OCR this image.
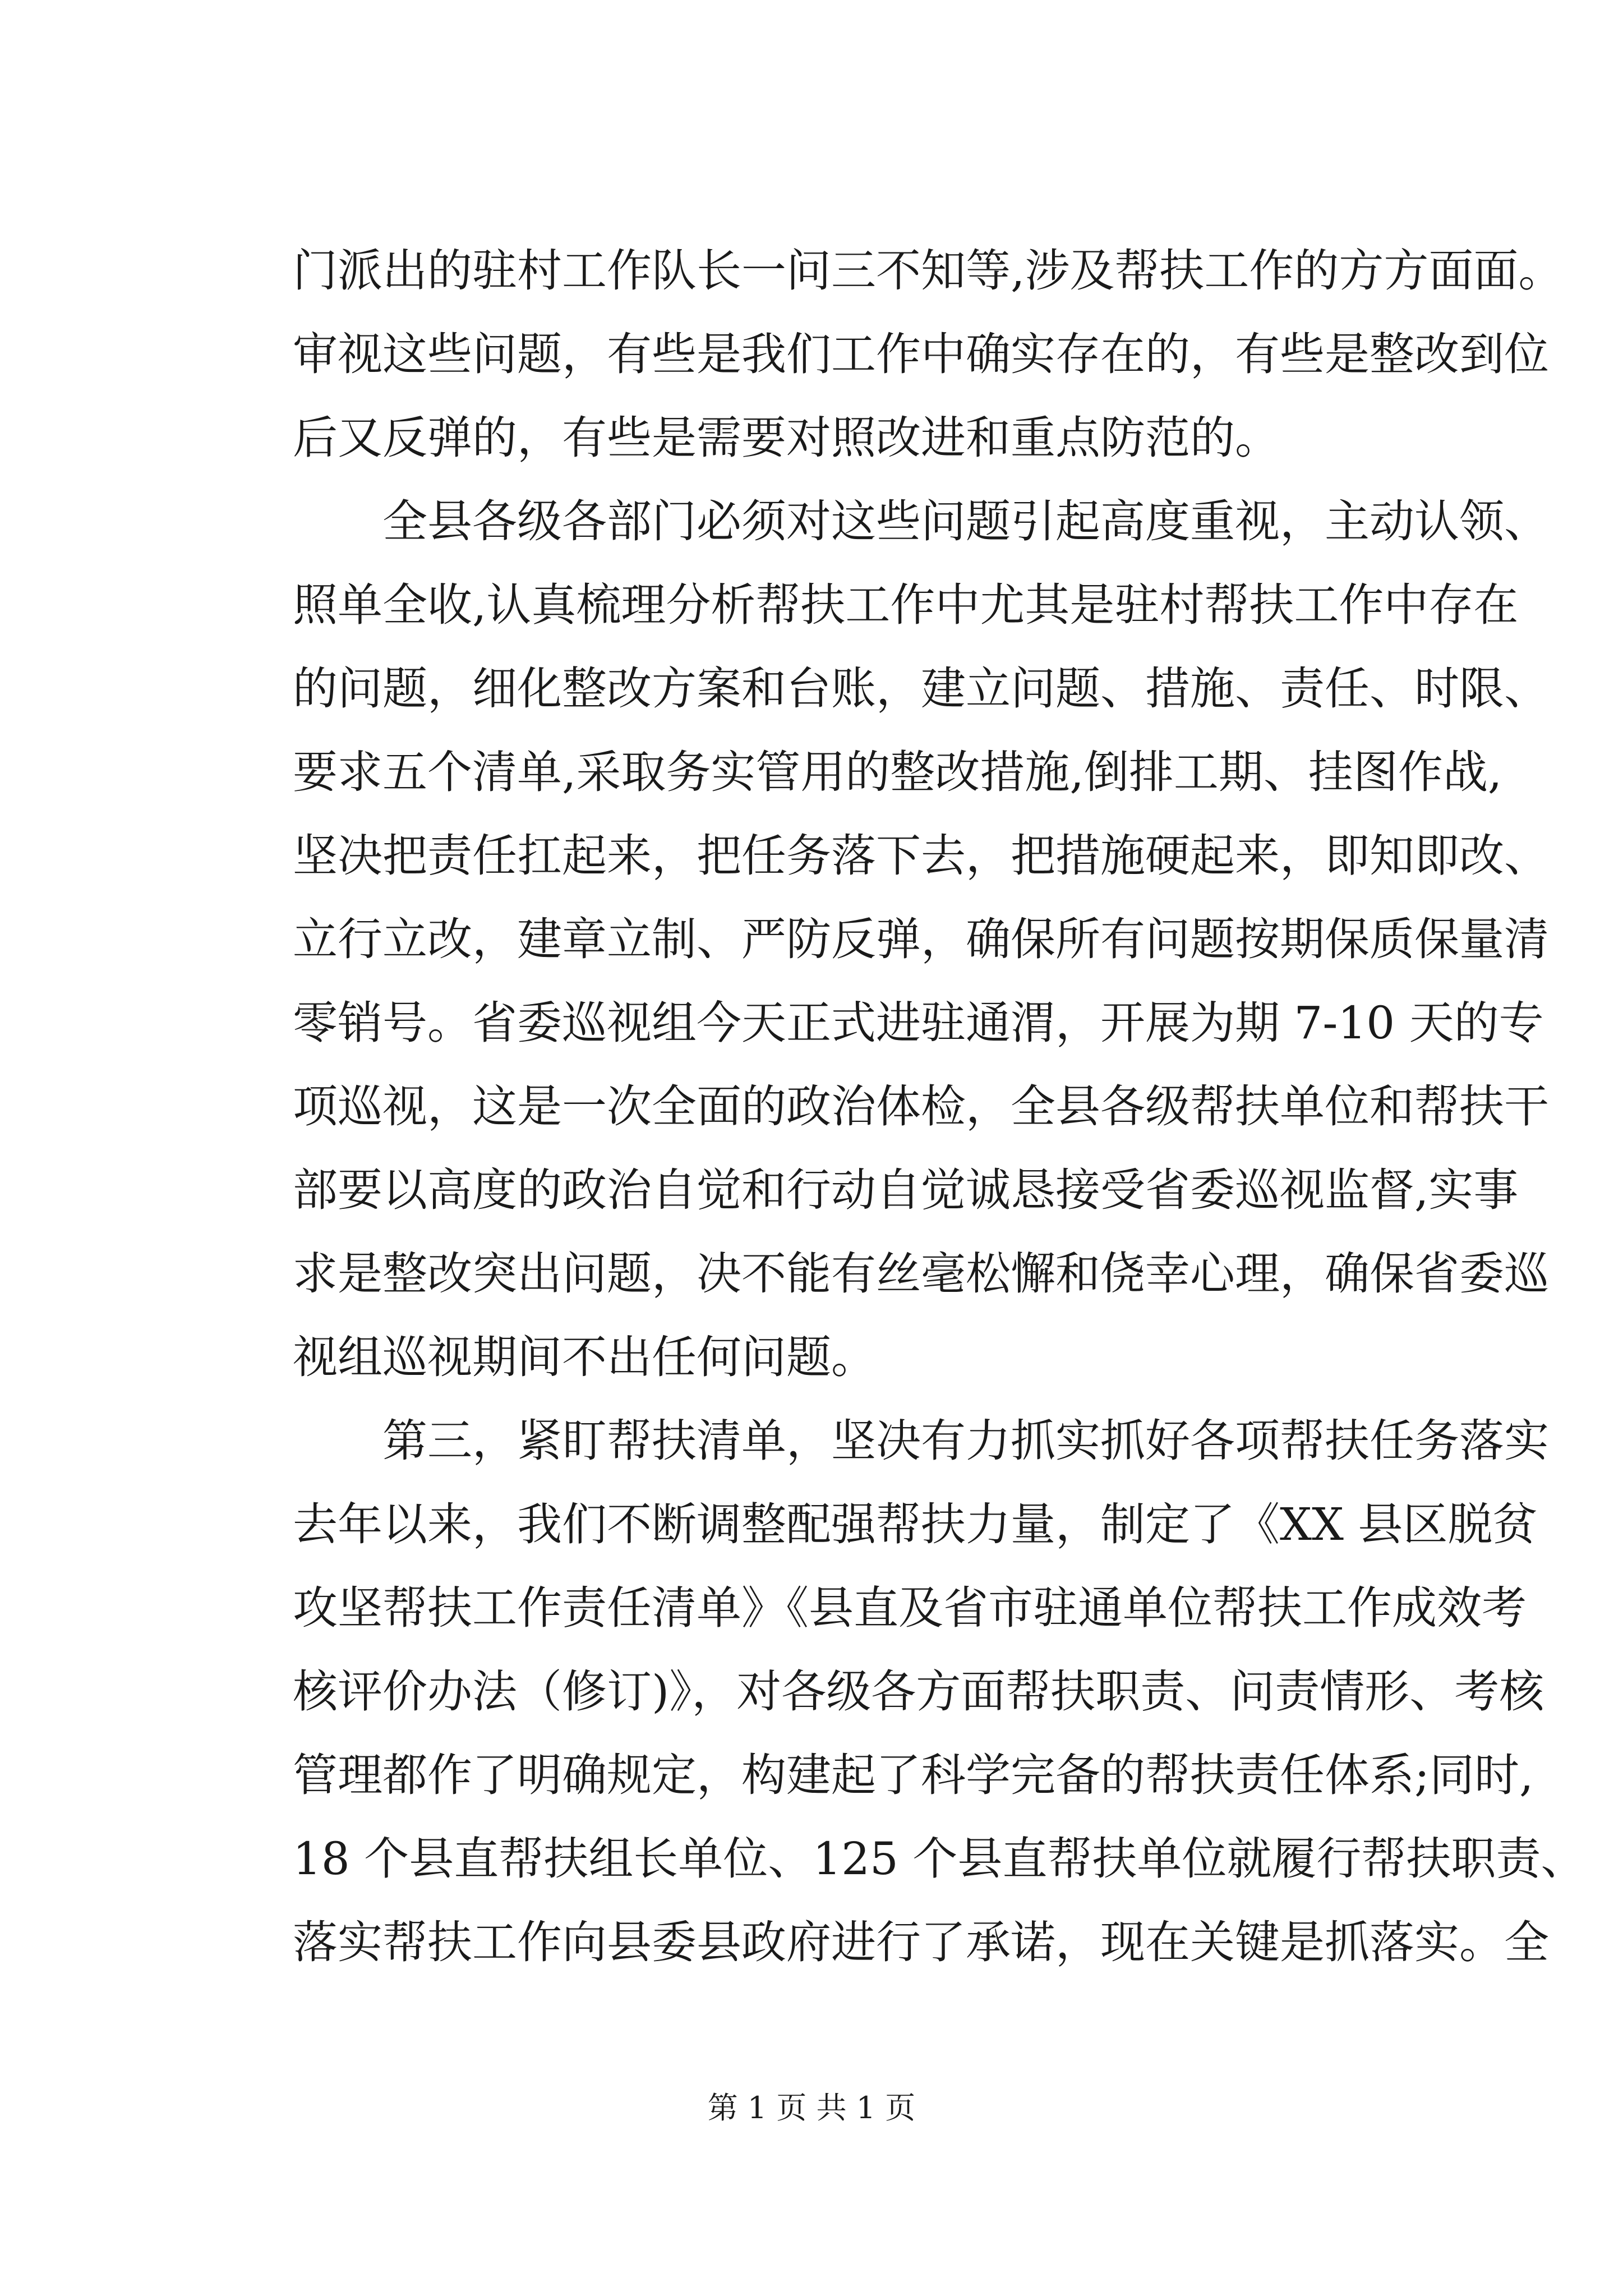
门派出的驻村工作队长一问三不知等,涉及帮扶工作的方方面面。
审视这些问题，有些是我们工作中确实存在的，有些是整改到位
后又反弹的，有些是需要对照改进和重点防范的。
全县各级各部门必须对这些问题引起高度重视，主动认领、
照单全收,认真梳理分析帮扶工作中尤其是驻村帮扶工作中存在
的问题，细化整改方案和台账，建立问题、措施、责任、时限、
要求五个清单,采取务实管用的整改措施,倒排工期、挂图作战,
坚决把责任扛起来，把任务落下去，把措施硬起来，即知即改、
立行立改，建章立制、严防反弹，确保所有问题按期保质保量清
零销号。省委巡视组今天正式进驻通渭，开展为期 7-10 天的专
项巡视，这是一次全面的政治体检，全县各级帮扶单位和帮扶干
部要以高度的政治自觉和行动自觉诚恳接受省委巡视监督,实事
求是整改突出问题，决不能有丝毫松懈和侥幸心理，确保省委巡
视组巡视期间不出任何问题。
第三，紧盯帮扶清单，坚决有力抓实抓好各项帮扶任务落实
去年以来，我们不断调整配强帮扶力量，制定了《XX 县区脱贫
攻坚帮扶工作责任清单》《县直及省市驻通单位帮扶工作成效考
核评价办法（修订)》，对各级各方面帮扶职责、问责情形、考核
管理都作了明确规定，构建起了科学完备的帮扶责任体系;同时,
18 个县直帮扶组长单位、125 个县直帮扶单位就履行帮扶职责、
落实帮扶工作向县委县政府进行了承诺，现在关键是抓落实。全
第 1 页 共 1 页
